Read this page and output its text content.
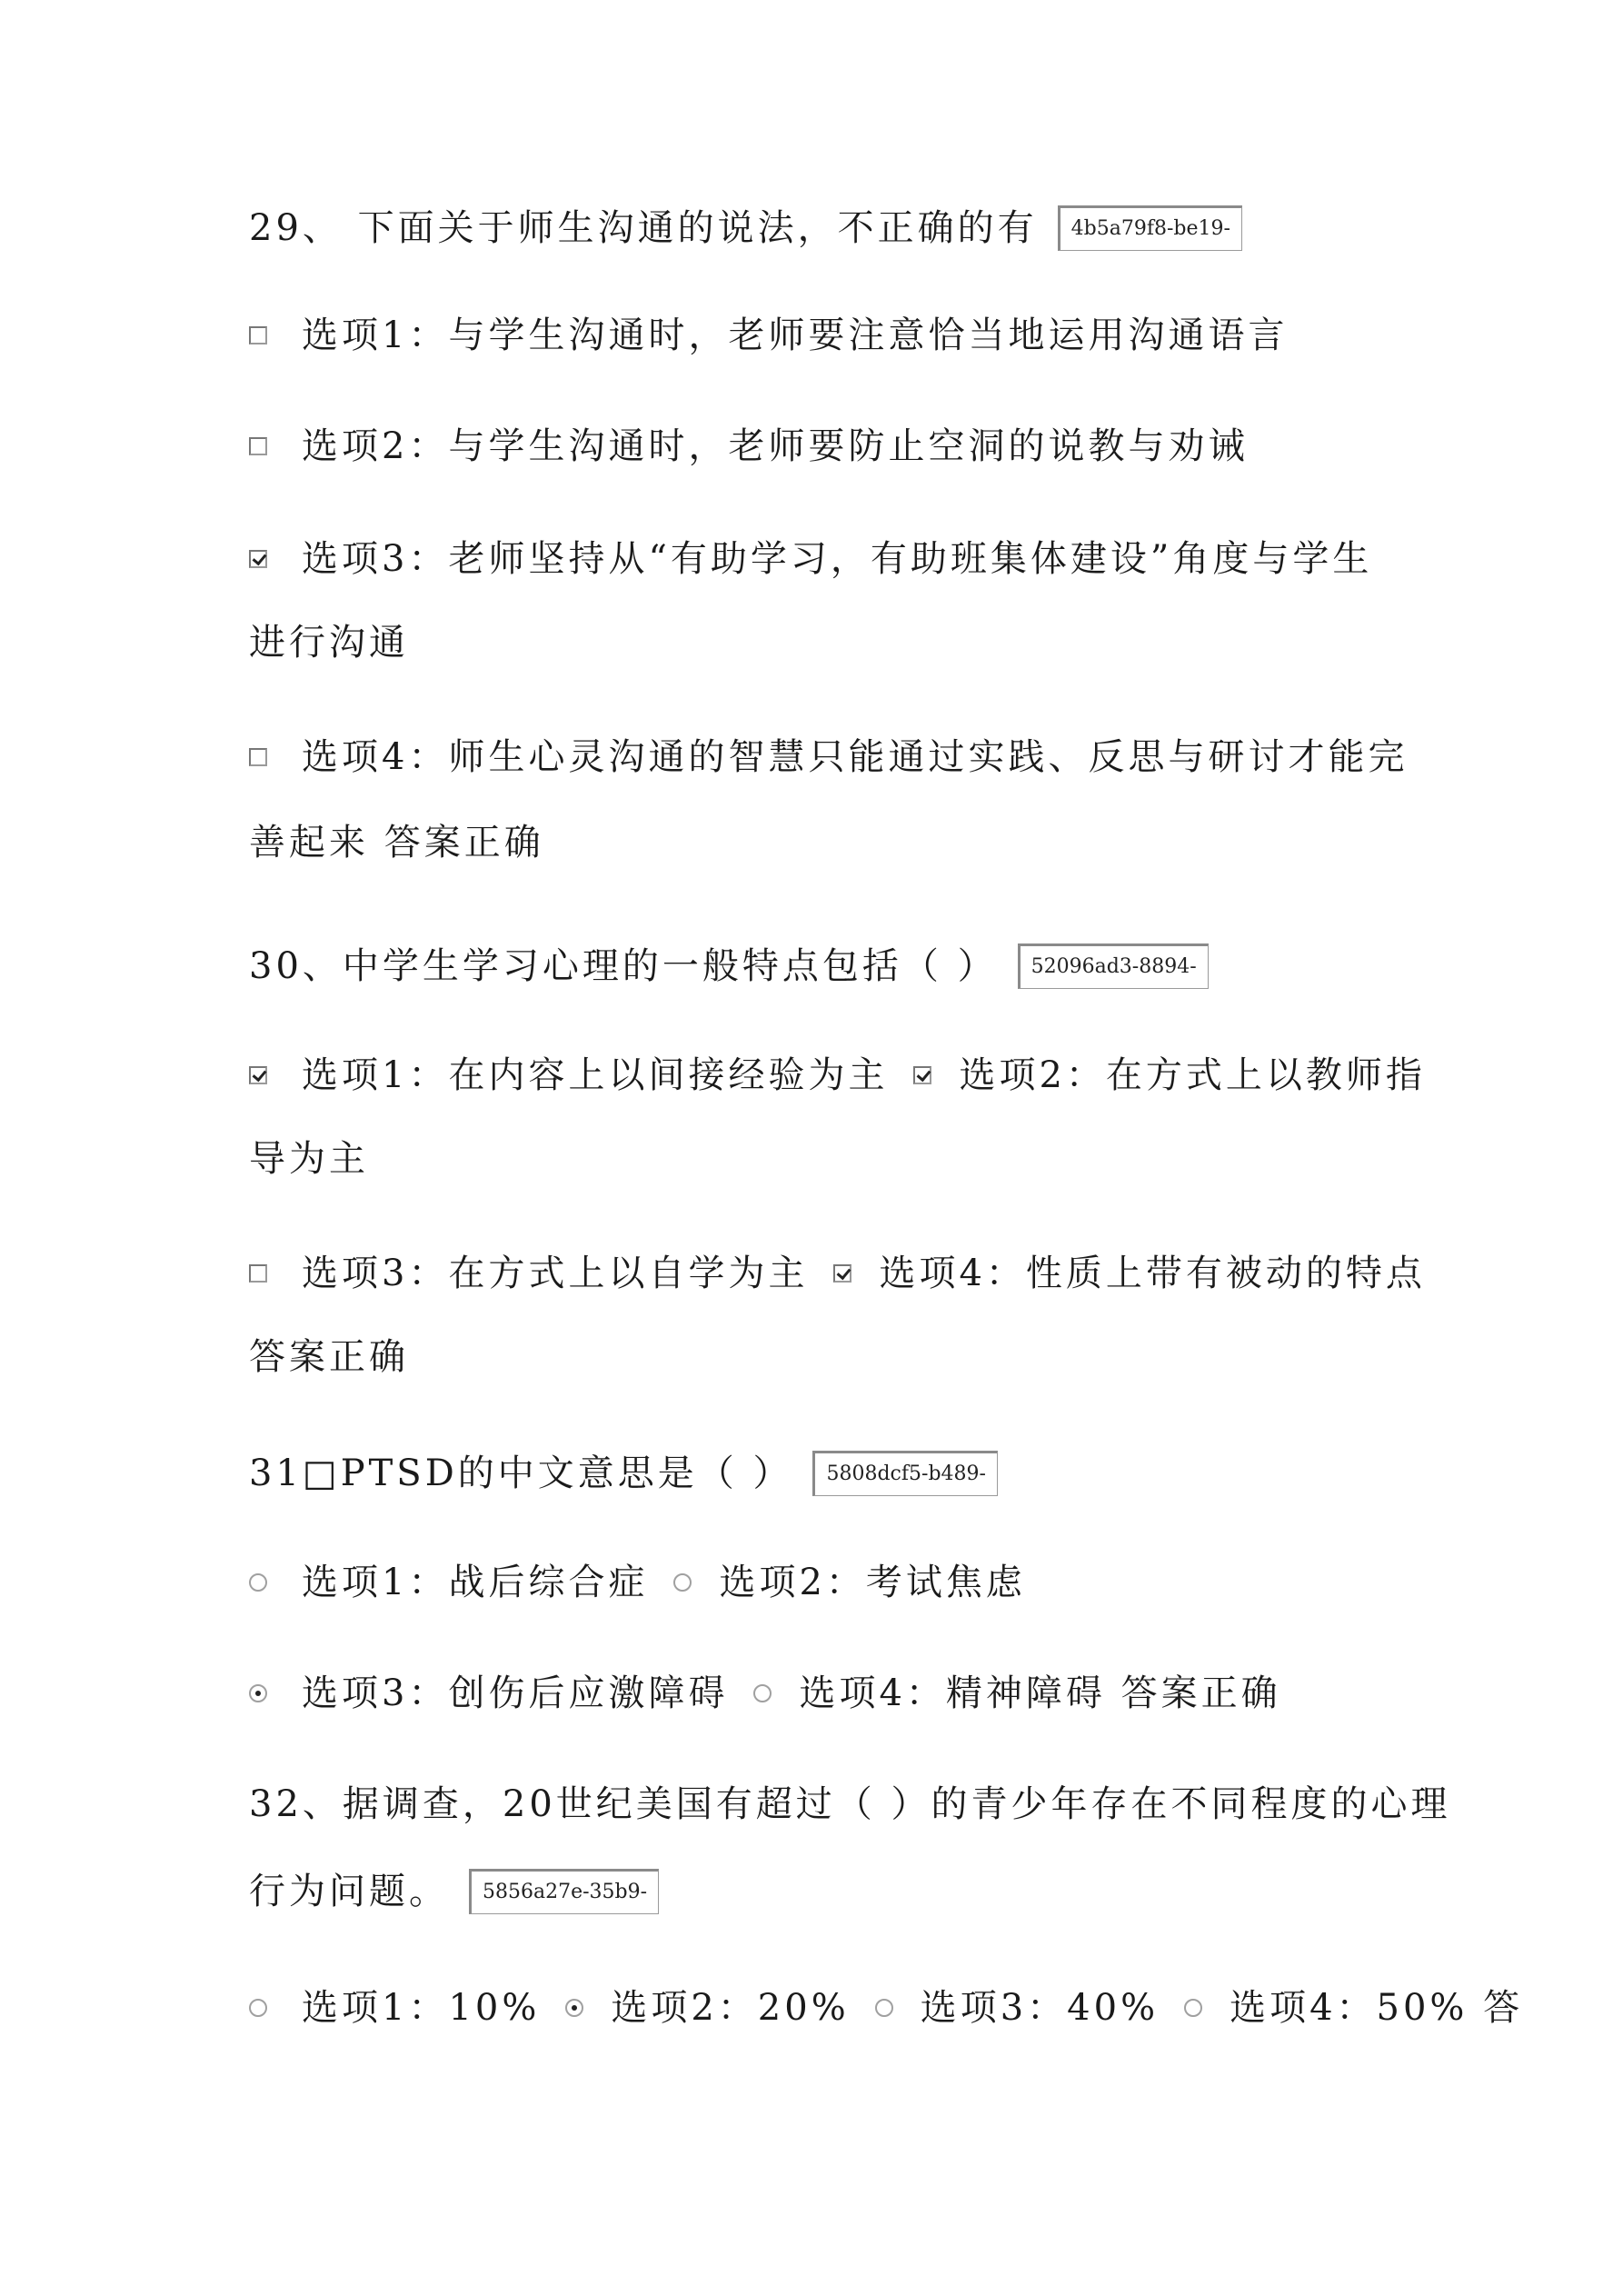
29、 下面关于师生沟通的说法，不正确的有 4b5a79f8-be19-
选项1：与学生沟通时，老师要注意恰当地运用沟通语言
选项2：与学生沟通时，老师要防止空洞的说教与劝诫
选项3：老师坚持从“有助学习，有助班集体建设”角度与学生
进行沟通
选项4：师生心灵沟通的智慧只能通过实践、反思与研讨才能完
善起来 答案正确
30、中学生学习心理的一般特点包括（ ） 52096ad3-8894-
选项1：在内容上以间接经验为主 选项2：在方式上以教师指
导为主
选项3：在方式上以自学为主 选项4：性质上带有被动的特点
答案正确
31□PTSD的中文意思是（ ） 5808dcf5-b489-
选项1：战后综合症 选项2：考试焦虑
选项3：创伤后应激障碍 选项4：精神障碍 答案正确
32、据调查，20世纪美国有超过（ ）的青少年存在不同程度的心理
行为问题。 5856a27e-35b9-
选项1：10% 选项2：20% 选项3：40% 选项4：50% 答
